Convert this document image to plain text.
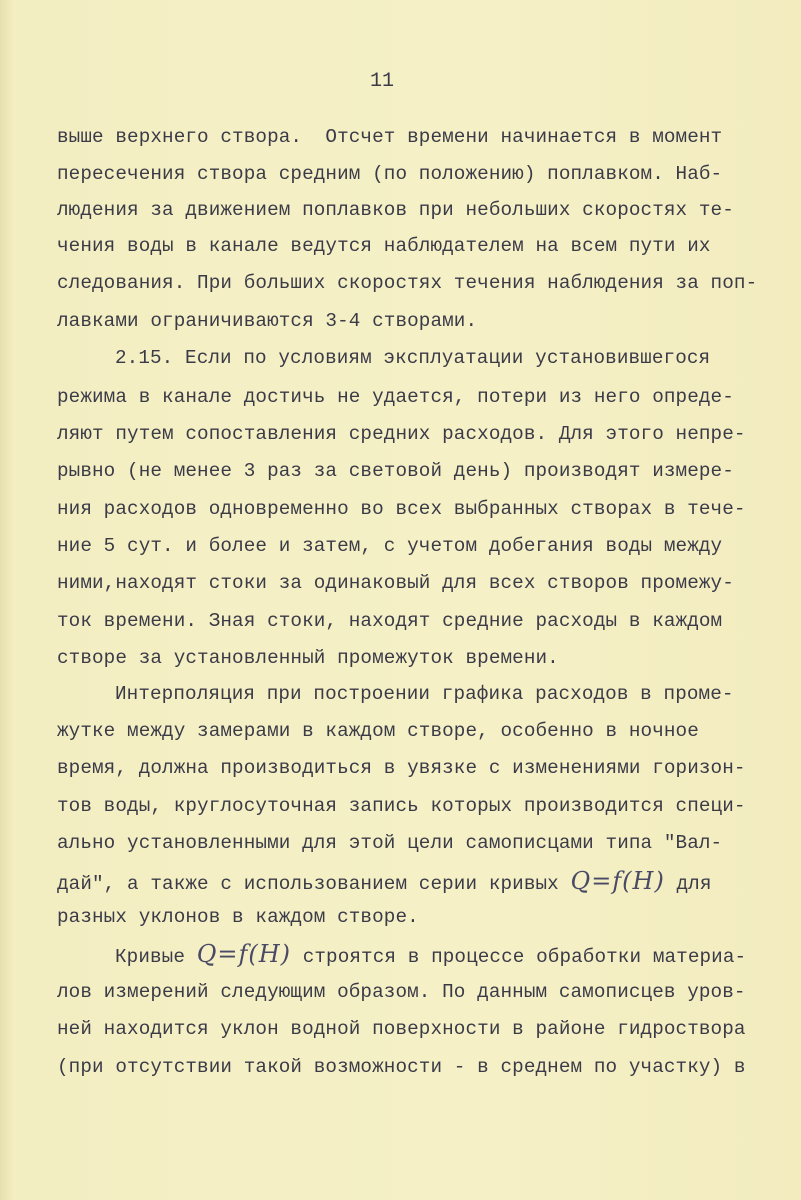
11
выше верхнего створа.  Отсчет времени начинается в момент
пересечения створа средним (по положению) поплавком. Наб-
людения за движением поплавков при небольших скоростях те-
чения воды в канале ведутся наблюдателем на всем пути их
следования. При больших скоростях течения наблюдения за поп-
лавками ограничиваются 3-4 створами.
2.15. Если по условиям эксплуатации установившегося
режима в канале достичь не удается, потери из него опреде-
ляют путем сопоставления средних расходов. Для этого непре-
рывно (не менее 3 раз за световой день) производят измере-
ния расходов одновременно во всех выбранных створах в тече-
ние 5 сут. и более и затем, с учетом добегания воды между
ними,находят стоки за одинаковый для всех створов промежу-
ток времени. Зная стоки, находят средние расходы в каждом
створе за установленный промежуток времени.
Интерполяция при построении графика расходов в проме-
жутке между замерами в каждом створе, особенно в ночное
время, должна производиться в увязке с изменениями горизон-
тов воды, круглосуточная запись которых производится специ-
ально установленными для этой цели самописцами типа "Вал-
дай", а также с использованием серии кривых Q=f(H) для
разных уклонов в каждом створе.
Кривые Q=f(H) строятся в процессе обработки материа-
лов измерений следующим образом. По данным самописцев уров-
ней находится уклон водной поверхности в районе гидроствора
(при отсутствии такой возможности - в среднем по участку) в
